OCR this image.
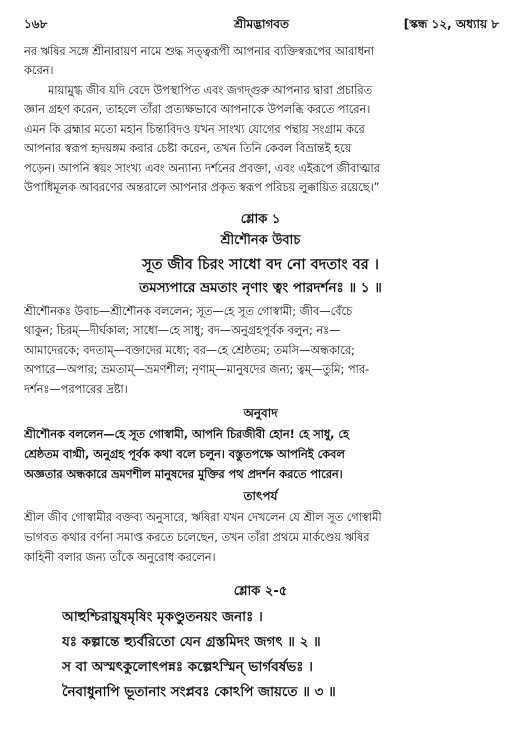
১৬৮	শ্রীমদ্ভাগবত	[স্কন্ধ ১২, অধ্যায় ৮
নর ঋষির সঙ্গে শ্রীনারায়ণ নামে শুদ্ধ সত্ত্বরূপী আপনার ব্যক্তিস্বরূপের আরাধনা
করেন।
মায়ামুগ্ধ জীব যদি বেদে উপস্থাপিত এবং জগদ্গুরু আপনার দ্বারা প্রচারিত
জ্ঞান গ্রহণ করেন, তাহলে তাঁরা প্রত্যক্ষভাবে আপনাকে উপলব্ধি করতে পারেন।
এমন কি ব্রহ্মার মতো মহান চিন্তাবিদও যখন সাংখ্য যোগের পন্থায় সংগ্রাম করে
আপনার স্বরূপ হৃদয়ঙ্গম করার চেষ্টা করেন, তখন তিনি কেবল বিভ্রান্তই হয়ে
পড়েন। আপনি স্বয়ং সাংখ্য এবং অন্যান্য দর্শনের প্রবক্তা, এবং এইরূপে জীবাত্মার
উপাধিমূলক আবরণের অন্তরালে আপনার প্রকৃত স্বরূপ পরিচয় লুক্কায়িত রয়েছে।”
শ্লোক ১
শ্রীশৌনক উবাচ
সূত জীব চিরং সাধো বদ নো বদতাং বর ।
তমস্যপারে ভ্রমতাং নৃণাং ত্বং পারদর্শনঃ ॥ ১ ॥
শ্রীশৌনকঃ উবাচ—শ্রীশৌনক বললেন; সূত—হে সূত গোস্বামী; জীব—বেঁচে
থাকুন; চিরম্—দীর্ঘকাল; সাধো—হে সাধু; বদ—অনুগ্রহপূর্বক বলুন; নঃ—
আমাদেরকে; বদতাম্—বক্তাদের মধ্যে; বর—হে শ্রেষ্ঠতম; তমসি—অন্ধকারে;
অপারে—অপার; ভ্রমতাম্—ভ্রমণশীল; নৃণাম্—মানুষদের জন্য; ত্বম্—তুমি; পার-
দর্শনঃ—পরপারের দ্রষ্টা।
অনুবাদ
শ্রীশৌনক বললেন—হে সূত গোস্বামী, আপনি চিরজীবী হোন! হে সাধু, হে
শ্রেষ্ঠতম বাগ্মী, অনুগ্রহ পূর্বক কথা বলে চলুন। বস্তুতপক্ষে আপনিই কেবল
অজ্ঞতার অন্ধকারে ভ্রমণশীল মানুষদের মুক্তির পথ প্রদর্শন করতে পারেন।
তাৎপর্য
শ্রীল জীব গোস্বামীর বক্তব্য অনুসারে, ঋষিরা যখন দেখলেন যে শ্রীল সূত গোস্বামী
ভাগবত কথার বর্ণনা সমাপ্ত করতে চলেছেন, তখন তাঁরা প্রথমে মার্কণ্ডেয় ঋষির
কাহিনী বলার জন্য তাঁকে অনুরোধ করলেন।
শ্লোক ২-৫
আহুশ্চিরায়ুষমৃষিং মৃকণ্ডুতনয়ং জনাঃ ।
যঃ কল্পান্তে হ্যুর্বরিতো যেন গ্রস্তমিদং জগৎ ॥ ২ ॥
স বা অস্মৎকুলোৎপন্নঃ কল্পেঽস্মিন্ ভার্গবর্ষভঃ ।
নৈবাধুনাপি ভূতানাং সংপ্লবঃ কোঽপি জায়তে ॥ ৩ ॥
